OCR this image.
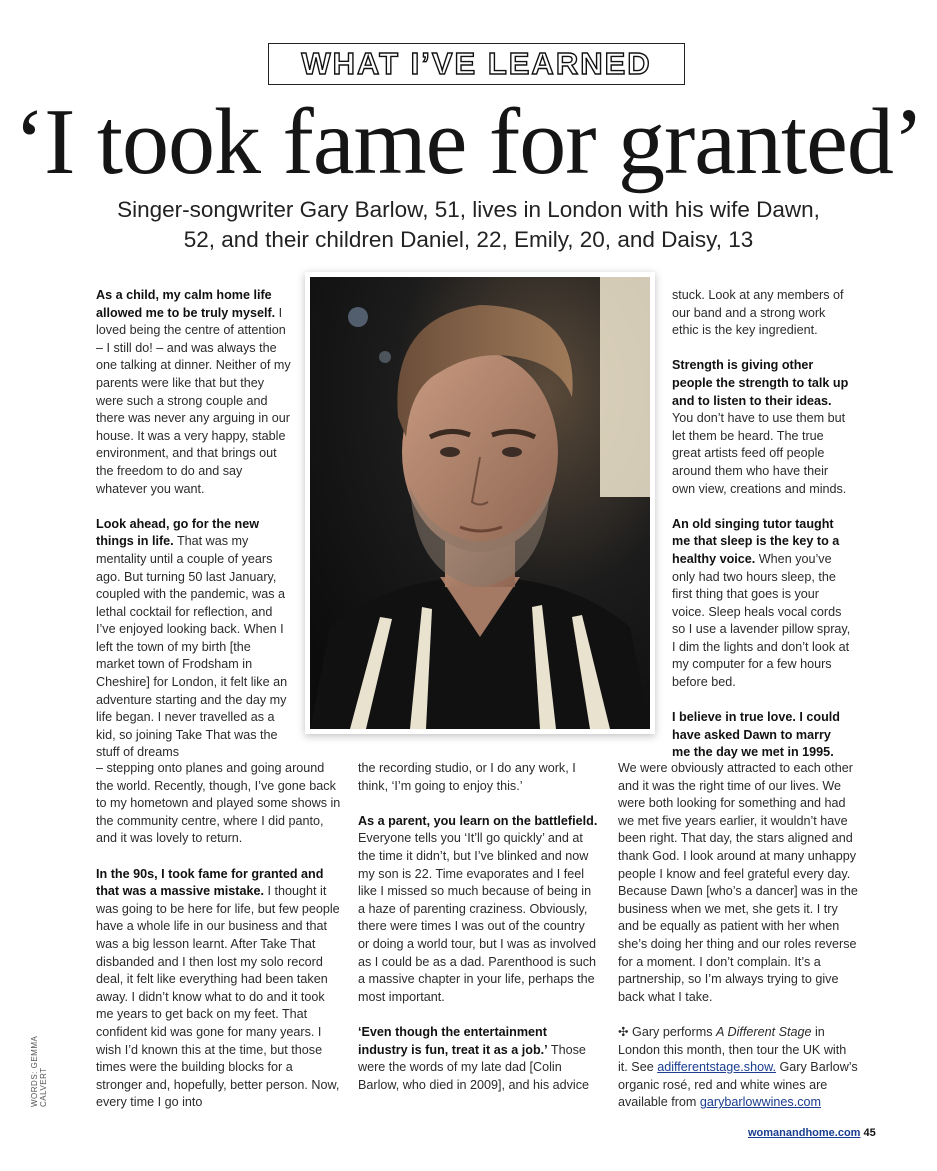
WHAT I’VE LEARNED
‘I took fame for granted’
Singer-songwriter Gary Barlow, 51, lives in London with his wife Dawn, 52, and their children Daniel, 22, Emily, 20, and Daisy, 13

As a child, my calm home life allowed me to be truly myself. I loved being the centre of attention – I still do! – and was always the one talking at dinner. Neither of my parents were like that but they were such a strong couple and there was never any arguing in our house. It was a very happy, stable environment, and that brings out the freedom to do and say whatever you want.

Look ahead, go for the new things in life. That was my mentality until a couple of years ago. But turning 50 last January, coupled with the pandemic, was a lethal cocktail for reflection, and I’ve enjoyed looking back. When I left the town of my birth [the market town of Frodsham in Cheshire] for London, it felt like an adventure starting and the day my life began. I never travelled as a kid, so joining Take That was the stuff of dreams

– stepping onto planes and going around the world. Recently, though, I’ve gone back to my hometown and played some shows in the community centre, where I did panto, and it was lovely to return.

In the 90s, I took fame for granted and that was a massive mistake. I thought it was going to be here for life, but few people have a whole life in our business and that was a big lesson learnt. After Take That disbanded and I then lost my solo record deal, it felt like everything had been taken away. I didn’t know what to do and it took me years to get back on my feet. That confident kid was gone for many years. I wish I’d known this at the time, but those times were the building blocks for a stronger and, hopefully, better person. Now, every time I go into

the recording studio, or I do any work, I think, ‘I’m going to enjoy this.’

As a parent, you learn on the battlefield. Everyone tells you ‘It’ll go quickly’ and at the time it didn’t, but I’ve blinked and now my son is 22. Time evaporates and I feel like I missed so much because of being in a haze of parenting craziness. Obviously, there were times I was out of the country or doing a world tour, but I was as involved as I could be as a dad. Parenthood is such a massive chapter in your life, perhaps the most important.

‘Even though the entertainment industry is fun, treat it as a job.’ Those were the words of my late dad [Colin Barlow, who died in 2009], and his advice

stuck. Look at any members of our band and a strong work ethic is the key ingredient.

Strength is giving other people the strength to talk up and to listen to their ideas. You don’t have to use them but let them be heard. The true great artists feed off people around them who have their own view, creations and minds.

An old singing tutor taught me that sleep is the key to a healthy voice. When you’ve only had two hours sleep, the first thing that goes is your voice. Sleep heals vocal cords so I use a lavender pillow spray, I dim the lights and don’t look at my computer for a few hours before bed.

I believe in true love. I could have asked Dawn to marry me the day we met in 1995.

We were obviously attracted to each other and it was the right time of our lives. We were both looking for something and had we met five years earlier, it wouldn’t have been right. That day, the stars aligned and thank God. I look around at many unhappy people I know and feel grateful every day. Because Dawn [who’s a dancer] was in the business when we met, she gets it. I try and be equally as patient with her when she’s doing her thing and our roles reverse for a moment. I don’t complain. It’s a partnership, so I’m always trying to give back what I take.

✣ Gary performs A Different Stage in London this month, then tour the UK with it. See adifferentstage.show. Gary Barlow’s organic rosé, red and white wines are available from garybarlowwines.com

WORDS: GEMMA CALVERT
womanandhome.com 45
